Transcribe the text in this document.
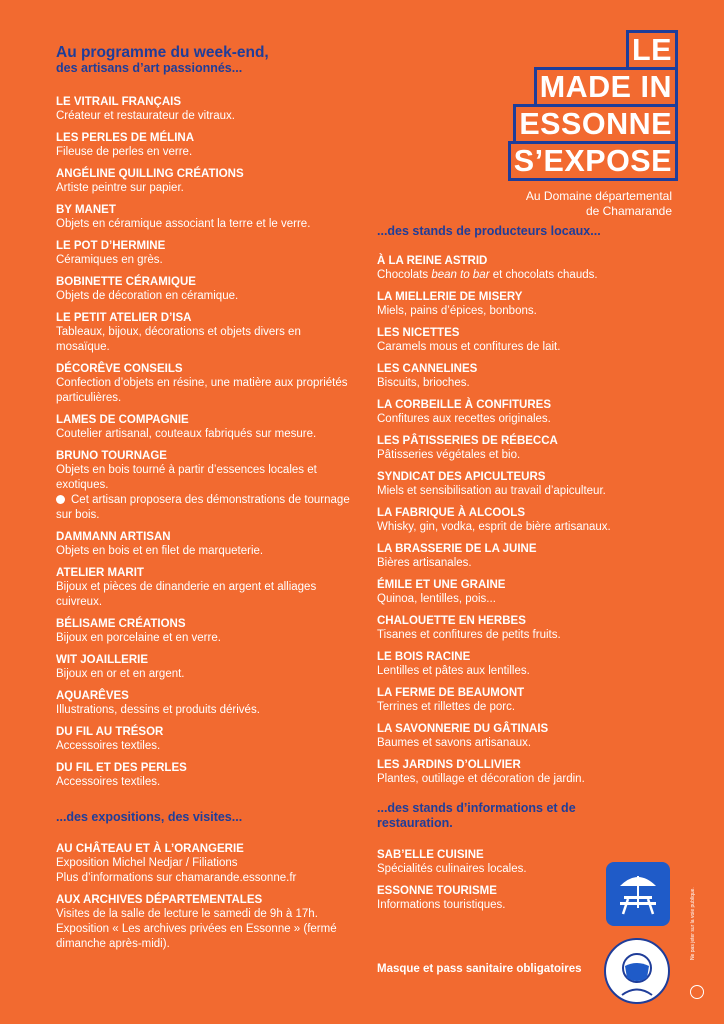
Au programme du week-end,
des artisans d’art passionnés...
LE VITRAIL FRANÇAIS
Créateur et restaurateur de vitraux.
LES PERLES DE MÉLINA
Fileuse de perles en verre.
ANGÉLINE QUILLING CRÉATIONS
Artiste peintre sur papier.
BY MANET
Objets en céramique associant la terre et le verre.
LE POT D’HERMINE
Céramiques en grès.
BOBINETTE CÉRAMIQUE
Objets de décoration en céramique.
LE PETIT ATELIER D’ISA
Tableaux, bijoux, décorations et objets divers en mosaïque.
DÉCORÊVE CONSEILS
Confection d’objets en résine, une matière aux propriétés particulières.
LAMES DE COMPAGNIE
Coutelier artisanal, couteaux fabriqués sur mesure.
BRUNO TOURNAGE
Objets en bois tourné à partir d’essences locales et exotiques.
Cet artisan proposera des démonstrations de tournage sur bois.
DAMMANN ARTISAN
Objets en bois et en filet de marqueterie.
ATELIER MARIT
Bijoux et pièces de dinanderie en argent et alliages cuivreux.
BÉLISAME CRÉATIONS
Bijoux en porcelaine et en verre.
WIT JOAILLERIE
Bijoux en or et en argent.
AQUARÊVES
Illustrations, dessins et produits dérivés.
DU FIL AU TRÉSOR
Accessoires textiles.
DU FIL ET DES PERLES
Accessoires textiles.
...des expositions, des visites...
AU CHÂTEAU ET À L’ORANGERIE
Exposition Michel Nedjar / Filiations
Plus d’informations sur chamarande.essonne.fr
AUX ARCHIVES DÉPARTEMENTALES
Visites de la salle de lecture le samedi de 9h à 17h.
Exposition « Les archives privées en Essonne » (fermé dimanche après-midi).
LE
MADE IN
ESSONNE
S’EXPOSE
Au Domaine départemental
de Chamarande
...des stands de producteurs locaux...
À LA REINE ASTRID
Chocolats bean to bar et chocolats chauds.
LA MIELLERIE DE MISERY
Miels, pains d’épices, bonbons.
LES NICETTES
Caramels mous et confitures de lait.
LES CANNELINES
Biscuits, brioches.
LA CORBEILLE À CONFITURES
Confitures aux recettes originales.
LES PÂTISSERIES DE RÉBECCA
Pâtisseries végétales et bio.
SYNDICAT DES APICULTEURS
Miels et sensibilisation au travail d’apiculteur.
LA FABRIQUE À ALCOOLS
Whisky, gin, vodka, esprit de bière artisanaux.
LA BRASSERIE DE LA JUINE
Bières artisanales.
ÉMILE ET UNE GRAINE
Quinoa, lentilles, pois...
CHALOUETTE EN HERBES
Tisanes et confitures de petits fruits.
LE BOIS RACINE
Lentilles et pâtes aux lentilles.
LA FERME DE BEAUMONT
Terrines et rillettes de porc.
LA SAVONNERIE DU GÂTINAIS
Baumes et savons artisanaux.
LES JARDINS D’OLLIVIER
Plantes, outillage et décoration de jardin.
...des stands d’informations et de restauration.
SAB’ELLE CUISINE
Spécialités culinaires locales.
ESSONNE TOURISME
Informations touristiques.
Masque et pass sanitaire obligatoires
Ne pas jeter sur la voie publique.
